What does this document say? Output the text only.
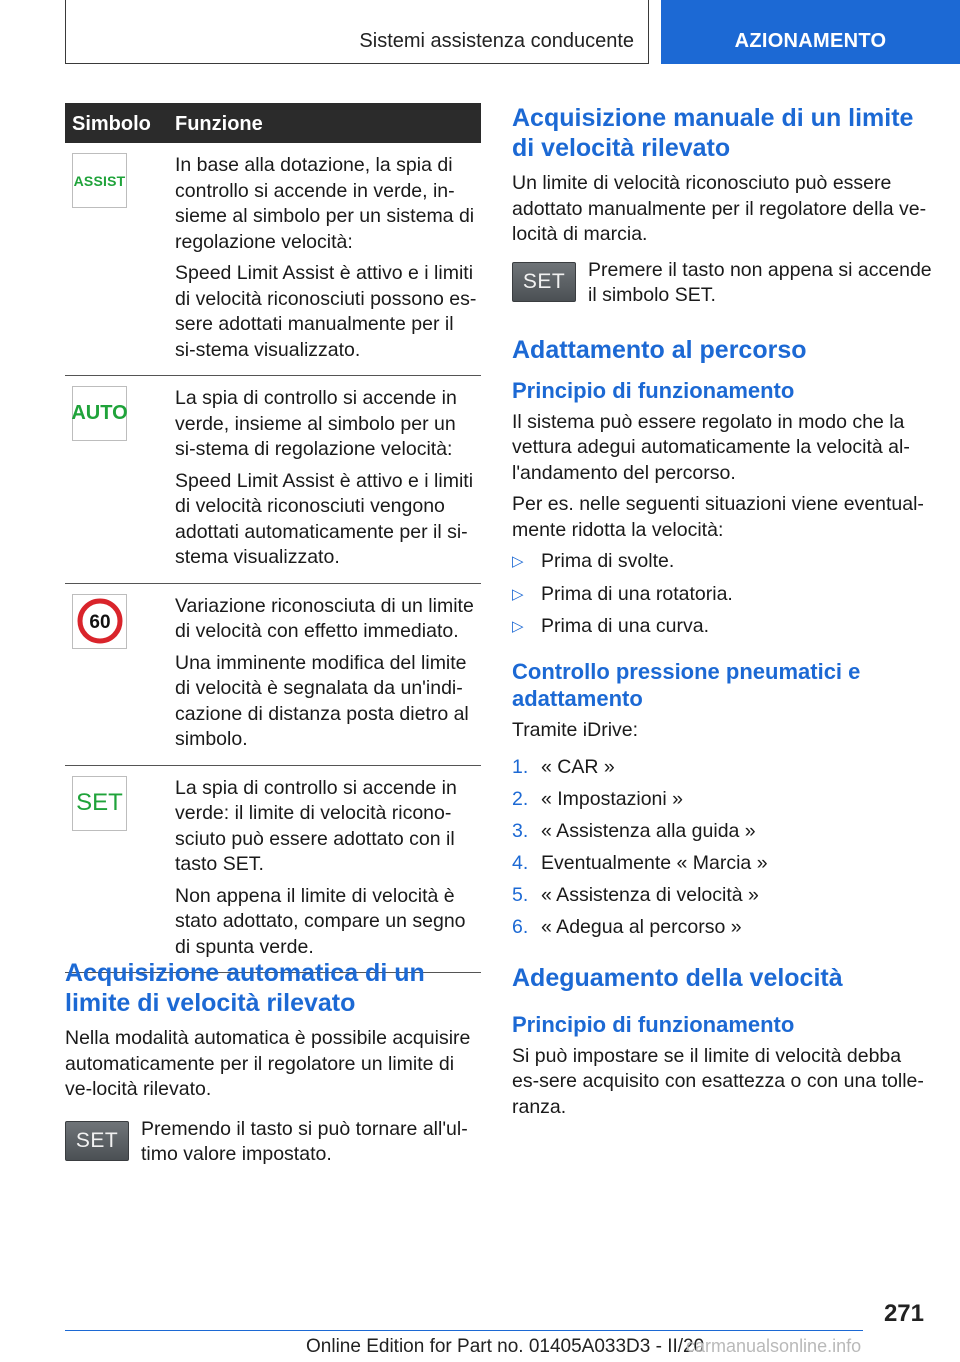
Sistemi assistenza conducente	AZIONAMENTO
Simbolo Funzione
ASSIST

In base alla dotazione, la spia di controllo si accende in verde, in-sieme al simbolo per un sistema di regolazione velocità:

Speed Limit Assist è attivo e i limiti di velocità riconosciuti possono es-sere adottati manualmente per il si-stema visualizzato.

AUTO

La spia di controllo si accende in verde, insieme al simbolo per un si-stema di regolazione velocità:

Speed Limit Assist è attivo e i limiti di velocità riconosciuti vengono adottati automaticamente per il si-stema visualizzato.

60

Variazione riconosciuta di un limite di velocità con effetto immediato.

Una imminente modifica del limite di velocità è segnalata da un'indi-cazione di distanza posta dietro al simbolo.

SET

La spia di controllo si accende in verde: il limite di velocità ricono-sciuto può essere adottato con il tasto SET.

Non appena il limite di velocità è stato adottato, compare un segno di spunta verde.

Acquisizione automatica di un limite di velocità rilevato
Nella modalità automatica è possibile acquisire automaticamente per il regolatore un limite di ve-locità rilevato.
SET Premendo il tasto si può tornare all'ul-timo valore impostato.
Acquisizione manuale di un limite di velocità rilevato
Un limite di velocità riconosciuto può essere adottato manualmente per il regolatore della ve-locità di marcia.
SET Premere il tasto non appena si accende il simbolo SET.
Adattamento al percorso
Principio di funzionamento
Il sistema può essere regolato in modo che la vettura adegui automaticamente la velocità al-l'andamento del percorso.
Per es. nelle seguenti situazioni viene eventual-mente ridotta la velocità:
▷ Prima di svolte.
▷ Prima di una rotatoria.
▷ Prima di una curva.
Controllo pressione pneumatici e adattamento
Tramite iDrive:
1. « CAR »
2. « Impostazioni »
3. « Assistenza alla guida »
4. Eventualmente « Marcia »
5. « Assistenza di velocità »
6. « Adegua al percorso »
Adeguamento della velocità
Principio di funzionamento
Si può impostare se il limite di velocità debba es-sere acquisito con esattezza o con una tolle-ranza.
271
Online Edition for Part no. 01405A033D3 - II/20
carmanualsonline.info
